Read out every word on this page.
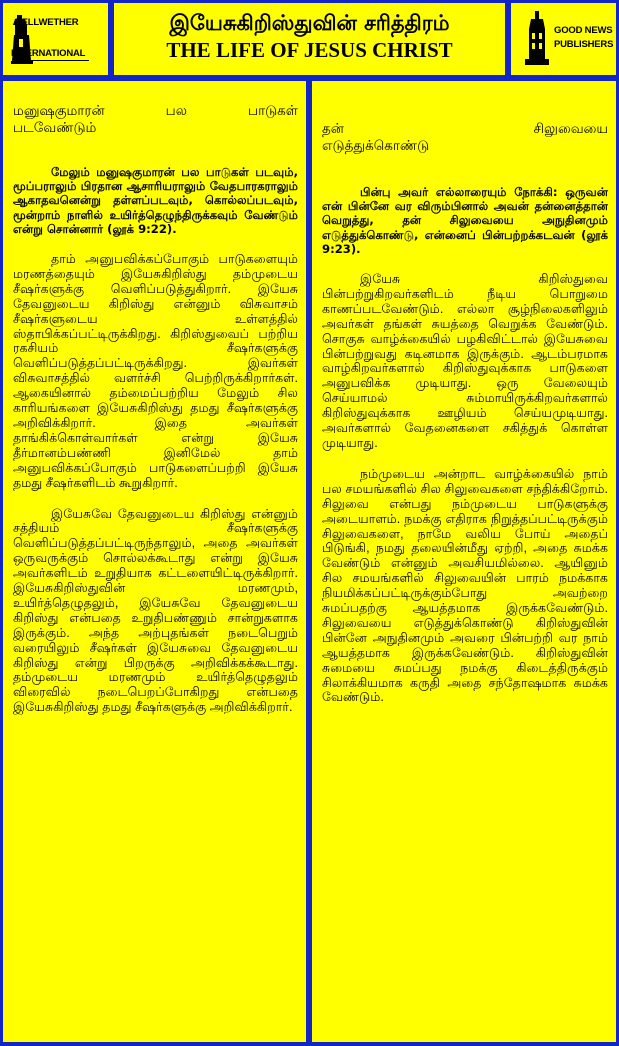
BELLWETHER
INTERNATIONAL
இயேசுகிறிஸ்துவின் சரித்திரம்
THE LIFE OF JESUS CHRIST
GOOD NEWS
PUBLISHERS
மனுஷகுமாரன் பல பாடுகள்
படவேண்டும்

மேலும் மனுஷகுமாரன் பல பாடுகள் படவும், மூப்பராலும் பிரதான ஆசாரியராலும் வேதபாரகராலும் ஆகாதவனென்று தள்ளப்படவும், கொல்லப்படவும், மூன்றாம் நாளில் உயிர்த்தெழுந்திருக்கவும் வேண்டும் என்று சொன்னார் (லூக் 9:22).

தாம் அனுபவிக்கப்போகும் பாடுகளையும் மரணத்தையும் இயேசுகிறிஸ்து தம்முடைய சீஷர்களுக்கு வெளிப்படுத்துகிறார். இயேசு தேவனுடைய கிறிஸ்து என்னும் விசுவாசம் சீஷர்களுடைய உள்ளத்தில் ஸ்தாபிக்கப்பட்டிருக்கிறது. கிறிஸ்துவைப் பற்றிய ரகசியம் சீஷர்களுக்கு வெளிப்படுத்தப்பட்டிருக்கிறது. இவர்கள் விசுவாசத்தில் வளர்ச்சி பெற்றிருக்கிறார்கள். ஆகையினால் தம்மைப்பற்றிய மேலும் சில காரியங்களை இயேசுகிறிஸ்து தமது சீஷர்களுக்கு அறிவிக்கிறார். இதை அவர்கள் தாங்கிக்கொள்வார்கள் என்று இயேசு தீர்மானம்பண்ணி இனிமேல் தாம் அனுபவிக்கப்போகும் பாடுகளைப்பற்றி இயேசு தமது சீஷர்களிடம் கூறுகிறார்.

இயேசுவே தேவனுடைய கிறிஸ்து என்னும் சத்தியம் சீஷர்களுக்கு வெளிப்படுத்தப்பட்டிருந்தாலும், அதை அவர்கள் ஒருவருக்கும் சொல்லக்கூடாது என்று இயேசு அவர்களிடம் உறுதியாக கட்டளையிட்டிருக்கிறார். இயேசுகிறிஸ்துவின் மரணமும், உயிர்த்தெழுதலும், இயேசுவே தேவனுடைய கிறிஸ்து என்பதை உறுதிபண்ணும் சான்றுகளாக இருக்கும். அந்த அற்புதங்கள் நடைபெறும் வரையிலும் சீஷர்கள் இயேசுவை தேவனுடைய கிறிஸ்து என்று பிறருக்கு அறிவிக்கக்கூடாது. தம்முடைய மரணமும் உயிர்த்தெழுதலும் விரைவில் நடைபெறப்போகிறது என்பதை இயேசுகிறிஸ்து தமது சீஷர்களுக்கு அறிவிக்கிறார்.

தன் சிலுவையை
எடுத்துக்கொண்டு

பின்பு அவர் எல்லாரையும் நோக்கி: ஒருவன் என் பின்னே வர விரும்பினால் அவன் தன்னைத்தான் வெறுத்து, தன் சிலுவையை அநுதினமும் எடுத்துக்கொண்டு, என்னைப் பின்பற்றக்கடவன் (லூக் 9:23).

இயேசு கிறிஸ்துவை பின்பற்றுகிறவர்களிடம் நீடிய பொறுமை காணப்படவேண்டும். எல்லா சூழ்நிலைகளிலும் அவர்கள் தங்கள் சுயத்தை வெறுக்க வேண்டும். சொகுசு வாழ்க்கையில் பழகிவிட்டால் இயேசுவை பின்பற்றுவது கடினமாக இருக்கும். ஆடம்பரமாக வாழ்கிறவர்களால் கிறிஸ்துவுக்காக பாடுகளை அனுபவிக்க முடியாது. ஒரு வேலையும் செய்யாமல் சும்மாயிருக்கிறவர்களால் கிறிஸ்துவுக்காக ஊழியம் செய்யமுடியாது. அவர்களால் வேதனைகளை சகித்துக் கொள்ள முடியாது.

நம்முடைய அன்றாட வாழ்க்கையில் நாம் பல சமயங்களில் சில சிலுவைகளை சந்திக்கிறோம். சிலுவை என்பது நம்முடைய பாடுகளுக்கு அடையாளம். நமக்கு எதிராக நிறுத்தப்பட்டிருக்கும் சிலுவைகளை, நாமே வலிய போய் அதைப் பிடுங்கி, நமது தலையின்மீது ஏற்றி, அதை சுமக்க வேண்டும் என்னும் அவசியமில்லை. ஆயினும் சில சமயங்களில் சிலுவையின் பாரம் நமக்காக நியமிக்கப்பட்டிருக்கும்போது அவற்றை சுமப்பதற்கு ஆயத்தமாக இருக்கவேண்டும். சிலுவையை எடுத்துக்கொண்டு கிறிஸ்துவின் பின்னே அநுதினமும் அவரை பின்பற்றி வர நாம் ஆயத்தமாக இருக்கவேண்டும். கிறிஸ்துவின் சுமையை சுமப்பது நமக்கு கிடைத்திருக்கும் சிலாக்கியமாக கருதி அதை சந்தோஷமாக சுமக்க வேண்டும்.
